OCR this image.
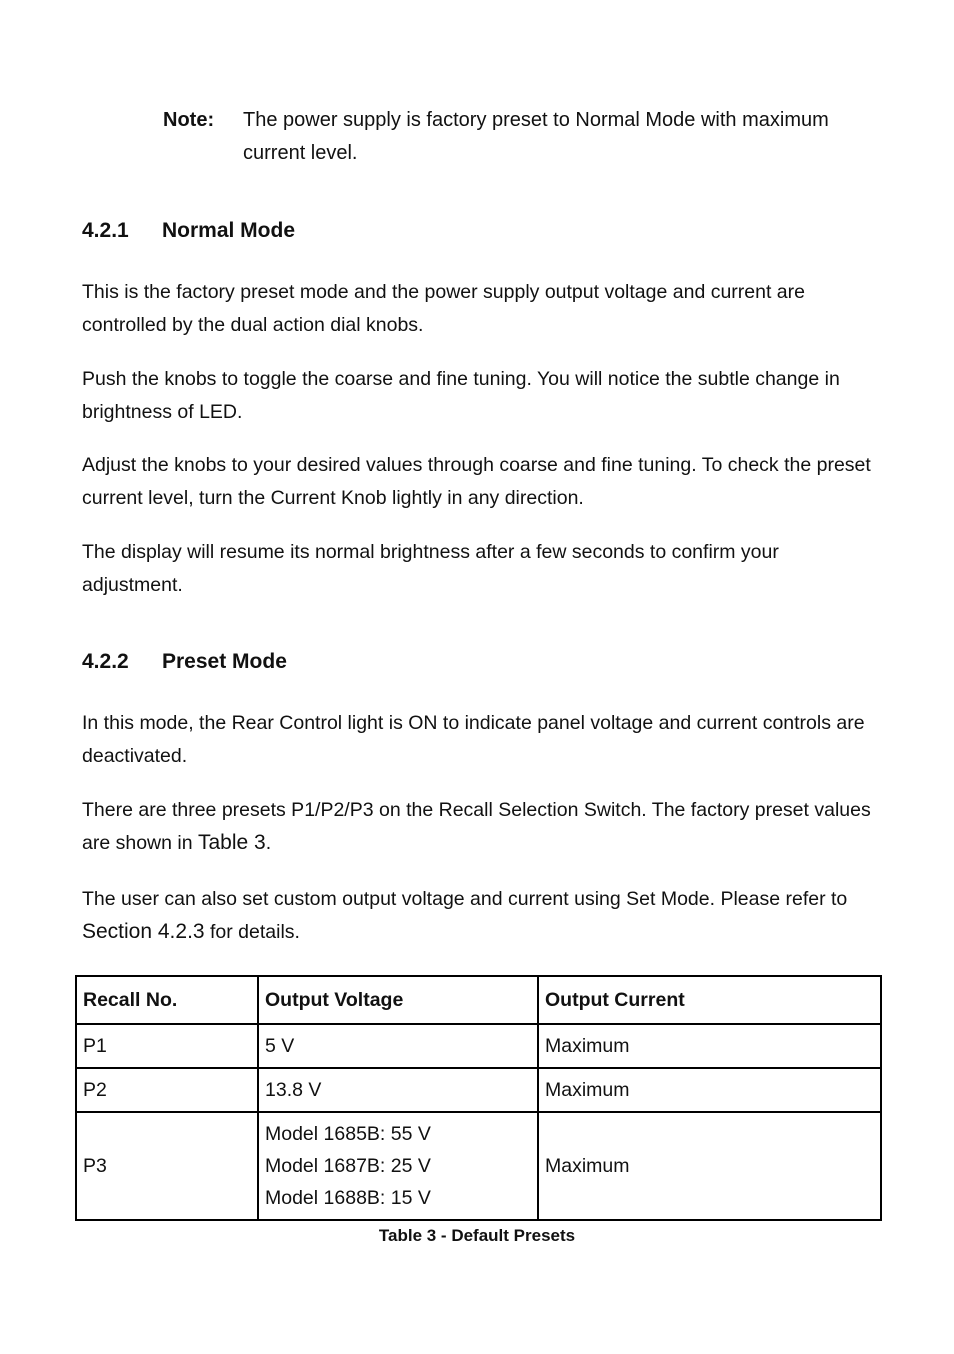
Note: The power supply is factory preset to Normal Mode with maximum current level.
4.2.1 Normal Mode

This is the factory preset mode and the power supply output voltage and current are controlled by the dual action dial knobs.

Push the knobs to toggle the coarse and fine tuning. You will notice the subtle change in brightness of LED.

Adjust the knobs to your desired values through coarse and fine tuning. To check the preset current level, turn the Current Knob lightly in any direction.

The display will resume its normal brightness after a few seconds to confirm your adjustment.

4.2.2 Preset Mode

In this mode, the Rear Control light is ON to indicate panel voltage and current controls are deactivated.

There are three presets P1/P2/P3 on the Recall Selection Switch. The factory preset values are shown in Table 3.

The user can also set custom output voltage and current using Set Mode. Please refer to Section 4.2.3 for details.

Recall No.	Output Voltage	Output Current
P1	5 V	Maximum
P2	13.8 V	Maximum
P3	Model 1685B: 55 V
Model 1687B: 25 V
Model 1688B: 15 V	Maximum
Table 3 - Default Presets
